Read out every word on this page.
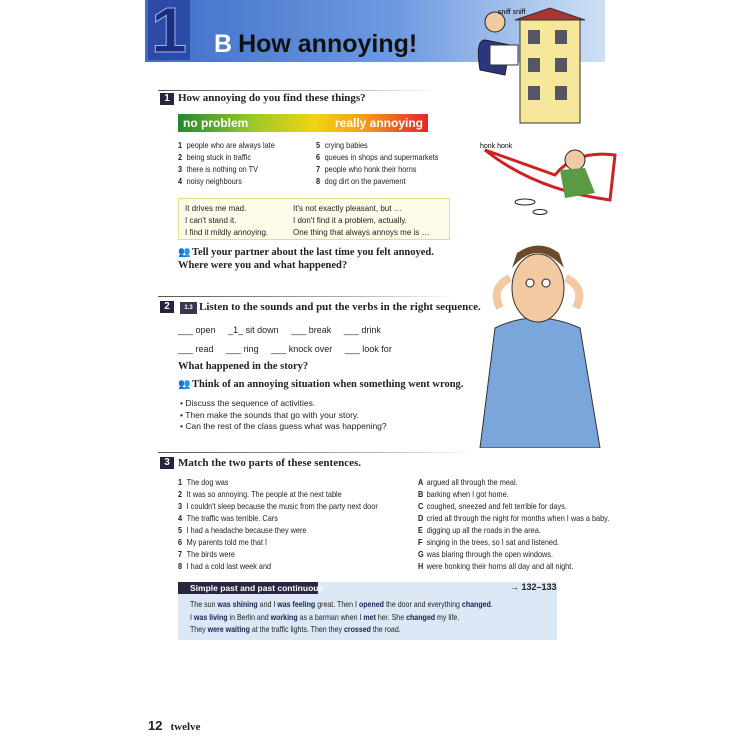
1 B How annoying!
sniff sniff
honk honk
1 How annoying do you find these things?
no problem	really annoying
1 people who are always late
2 being stuck in traffic
3 there is nothing on TV
4 noisy neighbours
5 crying babies
6 queues in shops and supermarkets
7 people who honk their horns
8 dog dirt on the pavement
It drives me mad.	It's not exactly pleasant, but …
I can't stand it.	I don't find it a problem, actually.
I find it mildly annoying.	One thing that always annoys me is …
👥 Tell your partner about the last time you felt annoyed.
Where were you and what happened?
2	1.3 Listen to the sounds and put the verbs in the right sequence.
___ open _1_ sit down ___ break ___ drink
___ read ___ ring ___ knock over ___ look for
What happened in the story?
👥 Think of an annoying situation when something went wrong.
• Discuss the sequence of activities.
• Then make the sounds that go with your story.
• Can the rest of the class guess what was happening?
3 Match the two parts of these sentences.
1 The dog was
2 It was so annoying. The people at the next table
3 I couldn't sleep because the music from the party next door
4 The traffic was terrible. Cars
5 I had a headache because they were
6 My parents told me that I
7 The birds were
8 I had a cold last week and
A argued all through the meal.
B barking when I got home.
C coughed, sneezed and felt terrible for days.
D cried all through the night for months when I was a baby.
E digging up all the roads in the area.
F singing in the trees, so I sat and listened.
G was blaring through the open windows.
H were honking their horns all day and all night.
Simple past and past continuous	→ 132–133
The sun was shining and I was feeling great. Then I opened the door and everything changed.
I was living in Berlin and working as a barman when I met her. She changed my life.
They were waiting at the traffic lights. Then they crossed the road.
12 twelve
